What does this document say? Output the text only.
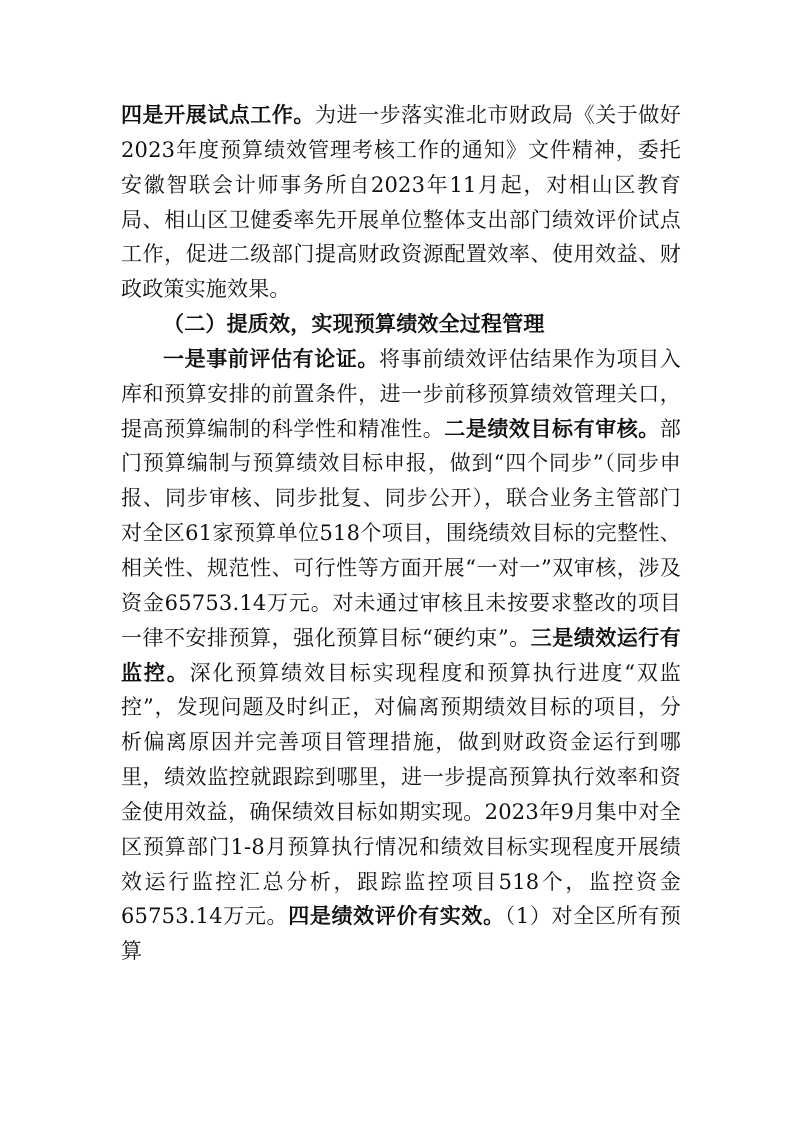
四是开展试点工作。为进一步落实淮北市财政局《关于做好2023年度预算绩效管理考核工作的通知》文件精神，委托安徽智联会计师事务所自2023年11月起，对相山区教育局、相山区卫健委率先开展单位整体支出部门绩效评价试点工作，促进二级部门提高财政资源配置效率、使用效益、财政政策实施效果。

（二）提质效，实现预算绩效全过程管理

一是事前评估有论证。将事前绩效评估结果作为项目入库和预算安排的前置条件，进一步前移预算绩效管理关口，提高预算编制的科学性和精准性。二是绩效目标有审核。部门预算编制与预算绩效目标申报，做到“四个同步”（同步申报、同步审核、同步批复、同步公开），联合业务主管部门对全区61家预算单位518个项目，围绕绩效目标的完整性、相关性、规范性、可行性等方面开展“一对一”双审核，涉及资金65753.14万元。对未通过审核且未按要求整改的项目一律不安排预算，强化预算目标“硬约束”。三是绩效运行有监控。深化预算绩效目标实现程度和预算执行进度“双监控”，发现问题及时纠正，对偏离预期绩效目标的项目，分析偏离原因并完善项目管理措施，做到财政资金运行到哪里，绩效监控就跟踪到哪里，进一步提高预算执行效率和资金使用效益，确保绩效目标如期实现。2023年9月集中对全区预算部门1-8月预算执行情况和绩效目标实现程度开展绩效运行监控汇总分析，跟踪监控项目518个，监控资金65753.14万元。四是绩效评价有实效。（1）对全区所有预算
